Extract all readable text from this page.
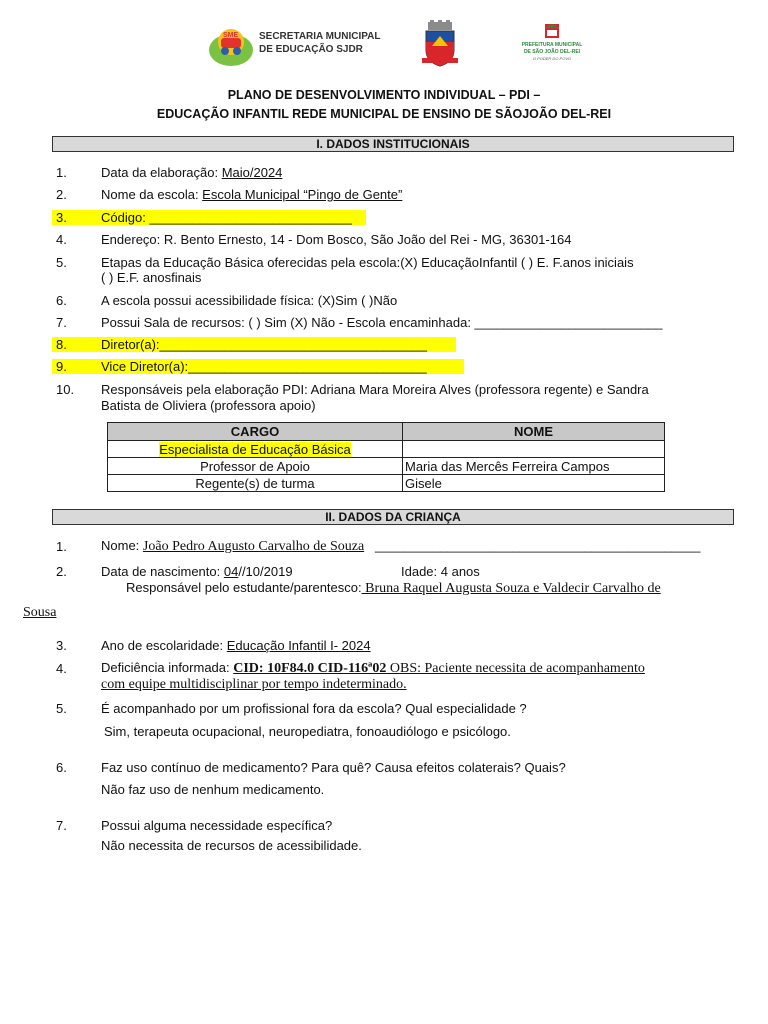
SME SECRETARIA MUNICIPAL
DE EDUCAÇÃO SJDR	PREFEITURA MUNICIPAL
DE SÃO JOÃO DEL-REI
O PODER DO POVO
PLANO DE DESENVOLVIMENTO INDIVIDUAL – PDI –
EDUCAÇÃO INFANTIL REDE MUNICIPAL DE ENSINO DE SÃOJOÃO DEL-REI
I. DADOS INSTITUCIONAIS
1.	Data da elaboração: Maio/2024
2.	Nome da escola: Escola Municipal “Pingo de Gente”
3.	Código: ____________________________
4.	Endereço: R. Bento Ernesto, 14 - Dom Bosco, São João del Rei - MG, 36301-164
5.	Etapas da Educação Básica oferecidas pela escola:(X) EducaçãoInfantil ( ) E. F.anos iniciais
( ) E.F. anosfinais
6.	A escola possui acessibilidade física: (X)Sim ( )Não
7.	Possui Sala de recursos: ( ) Sim (X) Não - Escola encaminhada: __________________________
8.	Diretor(a):_____________________________________
9.	Vice Diretor(a):_________________________________
10. Responsáveis pela elaboração PDI: Adriana Mara Moreira Alves (professora regente) e Sandra
Batista de Oliviera (professora apoio)
CARGO	NOME
Especialista de Educação Básica	
Professor de Apoio	Maria das Mercês Ferreira Campos
Regente(s) de turma	Gisele
II. DADOS DA CRIANÇA
1.	Nome: João Pedro Augusto Carvalho de Souza _____________________________________________
2.	Data de nascimento: 04//10/2019	Idade: 4 anos
Responsável pelo estudante/parentesco: Bruna Raquel Augusta Souza e Valdecir Carvalho de
Sousa
3.	Ano de escolaridade: Educação Infantil I- 2024
4.	Deficiência informada: CID: 10F84.0 CID-116ª02 OBS: Paciente necessita de acompanhamento
com equipe multidisciplinar por tempo indeterminado.
5.	É acompanhado por um profissional fora da escola? Qual especialidade ?
Sim, terapeuta ocupacional, neuropediatra, fonoaudiólogo e psicólogo.
6.	Faz uso contínuo de medicamento? Para quê? Causa efeitos colaterais? Quais?
Não faz uso de nenhum medicamento.
7.	Possui alguma necessidade específica?
Não necessita de recursos de acessibilidade.
